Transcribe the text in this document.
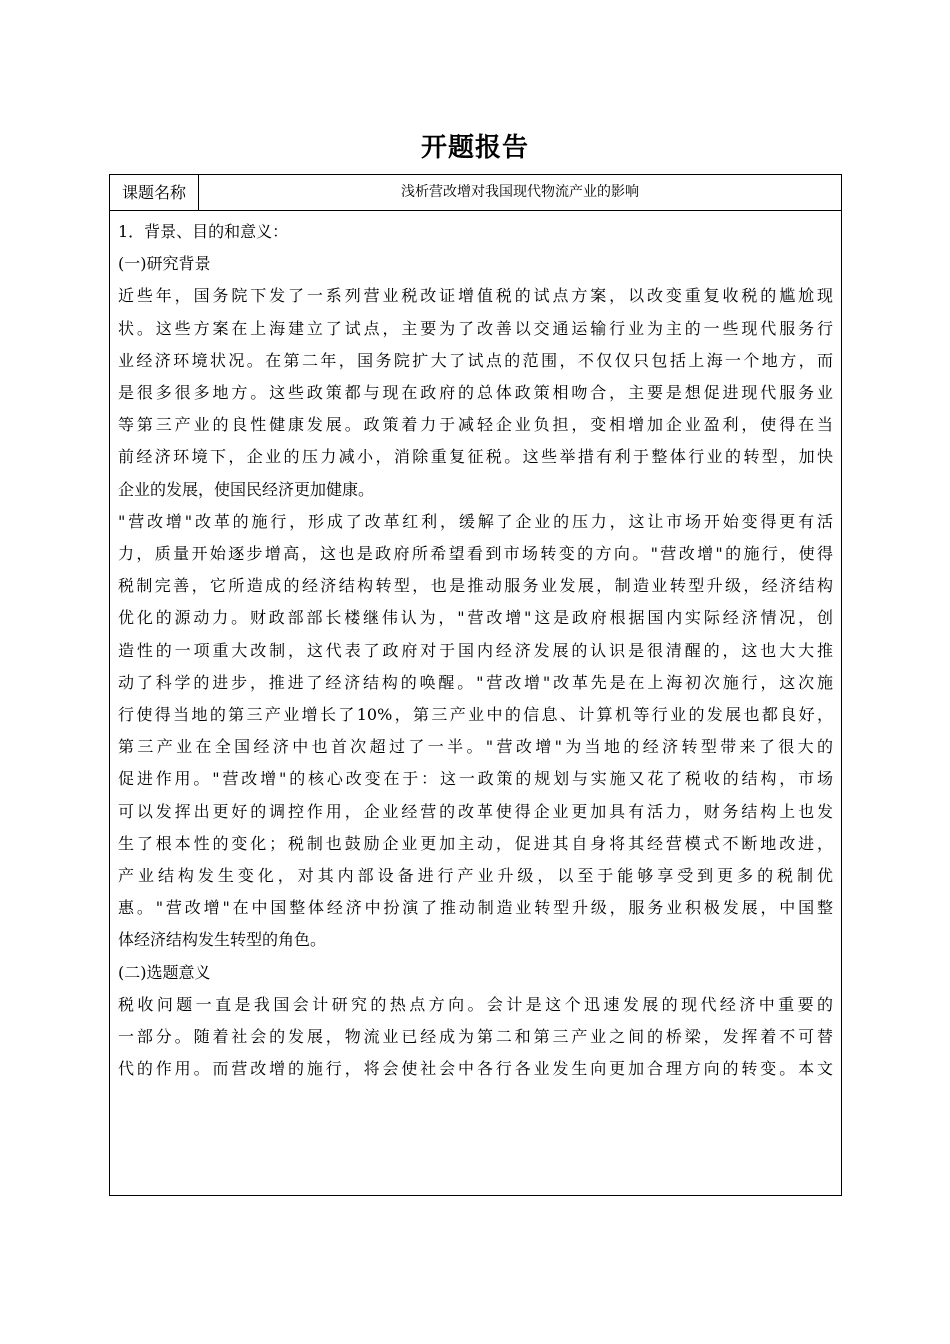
开题报告
课题名称	浅析营改增对我国现代物流产业的影响
1．背景、目的和意义：
(一)研究背景
近些年，国务院下发了一系列营业税改证增值税的试点方案，以改变重复收税的尴尬现
状。这些方案在上海建立了试点，主要为了改善以交通运输行业为主的一些现代服务行
业经济环境状况。在第二年，国务院扩大了试点的范围，不仅仅只包括上海一个地方，而
是很多很多地方。这些政策都与现在政府的总体政策相吻合，主要是想促进现代服务业
等第三产业的良性健康发展。政策着力于减轻企业负担，变相增加企业盈利，使得在当
前经济环境下，企业的压力减小，消除重复征税。这些举措有利于整体行业的转型，加快
企业的发展，使国民经济更加健康。
"营改增"改革的施行，形成了改革红利，缓解了企业的压力，这让市场开始变得更有活
力，质量开始逐步增高，这也是政府所希望看到市场转变的方向。"营改增"的施行，使得
税制完善，它所造成的经济结构转型，也是推动服务业发展，制造业转型升级，经济结构
优化的源动力。财政部部长楼继伟认为，"营改增"这是政府根据国内实际经济情况，创
造性的一项重大改制，这代表了政府对于国内经济发展的认识是很清醒的，这也大大推
动了科学的进步，推进了经济结构的唤醒。"营改增"改革先是在上海初次施行，这次施
行使得当地的第三产业增长了10%，第三产业中的信息、计算机等行业的发展也都良好，
第三产业在全国经济中也首次超过了一半。"营改增"为当地的经济转型带来了很大的
促进作用。"营改增"的核心改变在于：这一政策的规划与实施又花了税收的结构，市场
可以发挥出更好的调控作用，企业经营的改革使得企业更加具有活力，财务结构上也发
生了根本性的变化；税制也鼓励企业更加主动，促进其自身将其经营模式不断地改进，
产业结构发生变化，对其内部设备进行产业升级，以至于能够享受到更多的税制优
惠。"营改增"在中国整体经济中扮演了推动制造业转型升级，服务业积极发展，中国整
体经济结构发生转型的角色。
(二)选题意义
税收问题一直是我国会计研究的热点方向。会计是这个迅速发展的现代经济中重要的
一部分。随着社会的发展，物流业已经成为第二和第三产业之间的桥梁，发挥着不可替
代的作用。而营改增的施行，将会使社会中各行各业发生向更加合理方向的转变。本文
